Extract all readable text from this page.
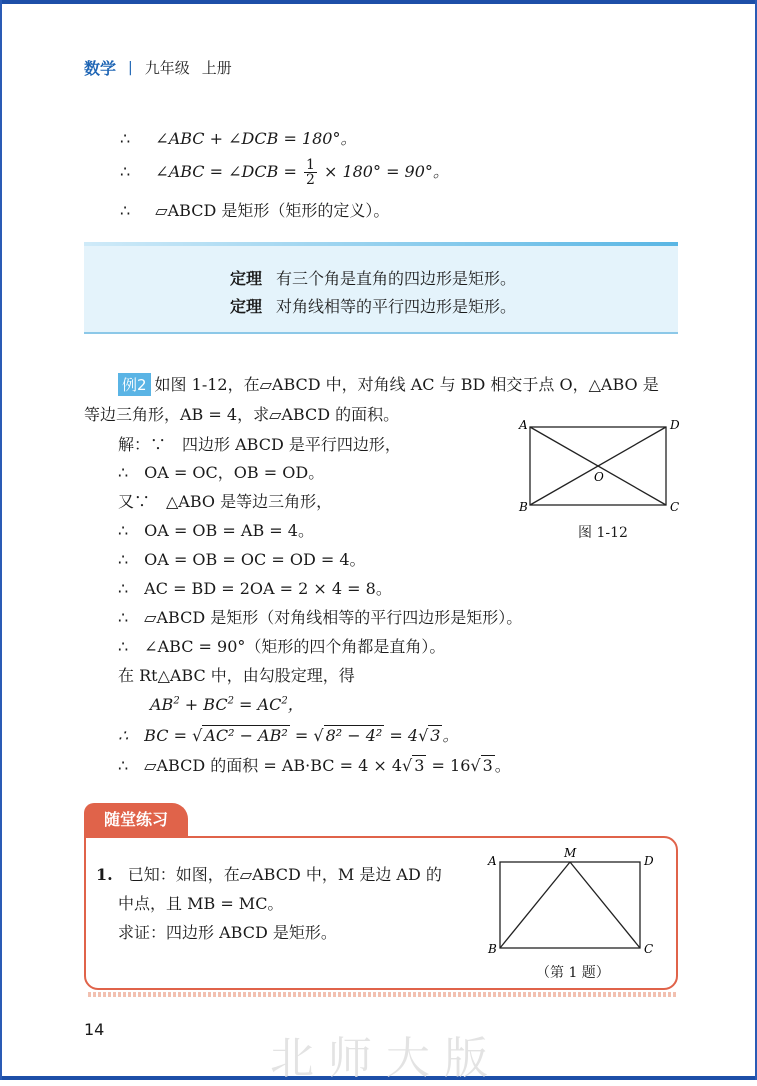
数学 | 九年级 上册
∴ ∠ABC + ∠DCB = 180°。
∴ ∠ABC = ∠DCB = $\frac{1}{2} \times 180^\circ = 90^\circ$。
∴ ▱ABCD 是矩形（矩形的定义）。
定理 有三个角是直角的四边形是矩形。
定理 对角线相等的平行四边形是矩形。
例2 如图 1-12，在▱ABCD 中，对角线 AC 与 BD 相交于点 O，△ABO 是
等边三角形，AB = 4，求▱ABCD 的面积。
解：∵　四边形 ABCD 是平行四边形，
∴　OA = OC，OB = OD。
又∵　△ABO 是等边三角形，
∴　OA = OB = AB = 4。
∴　OA = OB = OC = OD = 4。
∴　AC = BD = 2OA = 2 × 4 = 8。
∴　▱ABCD 是矩形（对角线相等的平行四边形是矩形）。
∴　∠ABC = 90°（矩形的四个角都是直角）。
在 Rt△ABC 中，由勾股定理，得
$AB^2 + BC^2 = AC^2$，
∴　BC = √ AC² − AB² = √ 8² − 4² = 4√ 3 。
∴　▱ABCD 的面积 = AB·BC = 4 × 4√ 3 = 16√ 3 。
A	D
B	C
O
图 1-12
随堂练习
1. 已知：如图，在▱ABCD 中，M 是边 AD 的
中点，且 MB = MC。
求证：四边形 ABCD 是矩形。
A
M
D
B	C
（第 1 题）
14
北师大版
